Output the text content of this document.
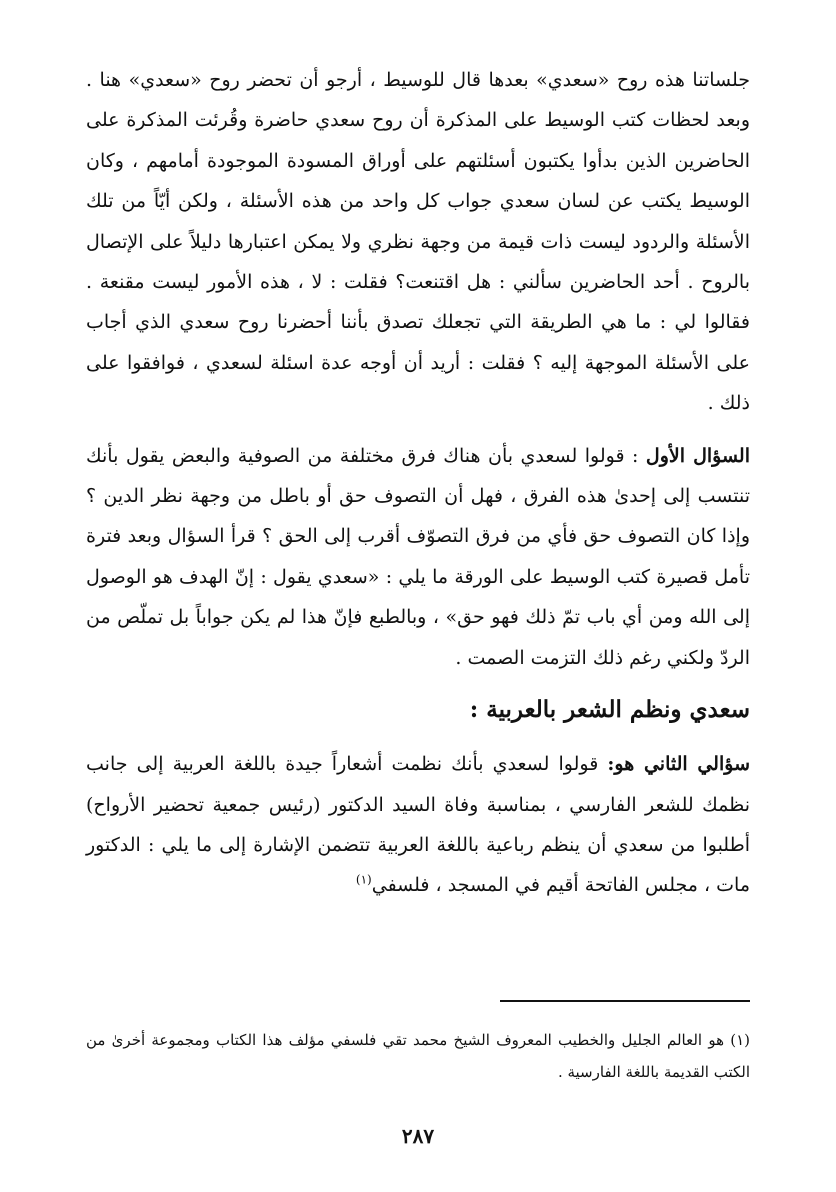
جلساتنا هذه روح «سعدي» بعدها قال للوسيط ، أرجو أن تحضر روح «سعدي» هنا . وبعد لحظات كتب الوسيط على المذكرة أن روح سعدي حاضرة وقُرئت المذكرة على الحاضرين الذين بدأوا يكتبون أسئلتهم على أوراق المسودة الموجودة أمامهم ، وكان الوسيط يكتب عن لسان سعدي جواب كل واحد من هذه الأسئلة ، ولكن أيّاً من تلك الأسئلة والردود ليست ذات قيمة من وجهة نظري ولا يمكن اعتبارها دليلاً على الإتصال بالروح . أحد الحاضرين سألني : هل اقتنعت؟ فقلت : لا ، هذه الأمور ليست مقنعة . فقالوا لي : ما هي الطريقة التي تجعلك تصدق بأننا أحضرنا روح سعدي الذي أجاب على الأسئلة الموجهة إليه ؟ فقلت : أريد أن أوجه عدة اسئلة لسعدي ، فوافقوا على ذلك .

السؤال الأول : قولوا لسعدي بأن هناك فرق مختلفة من الصوفية والبعض يقول بأنك تنتسب إلى إحدىٰ هذه الفرق ، فهل أن التصوف حق أو باطل من وجهة نظر الدين ؟ وإذا كان التصوف حق فأي من فرق التصوّف أقرب إلى الحق ؟ قرأ السؤال وبعد فترة تأمل قصيرة كتب الوسيط على الورقة ما يلي : «سعدي يقول : إنّ الهدف هو الوصول إلى الله ومن أي باب تمّ ذلك فهو حق» ، وبالطبع فإنّ هذا لم يكن جواباً بل تملّص من الردّ ولكني رغم ذلك التزمت الصمت .

سعدي ونظم الشعر بالعربية :

سؤالي الثاني هو: قولوا لسعدي بأنك نظمت أشعاراً جيدة باللغة العربية إلى جانب نظمك للشعر الفارسي ، بمناسبة وفاة السيد الدكتور (رئيس جمعية تحضير الأرواح) أطلبوا من سعدي أن ينظم رباعية باللغة العربية تتضمن الإشارة إلى ما يلي : الدكتور مات ، مجلس الفاتحة أقيم في المسجد ، فلسفي$^{(١)}$

(١) هو العالم الجليل والخطيب المعروف الشيخ محمد تقي فلسفي مؤلف هذا الكتاب ومجموعة أخرىٰ من الكتب القديمة باللغة الفارسية .
٢٨٧
